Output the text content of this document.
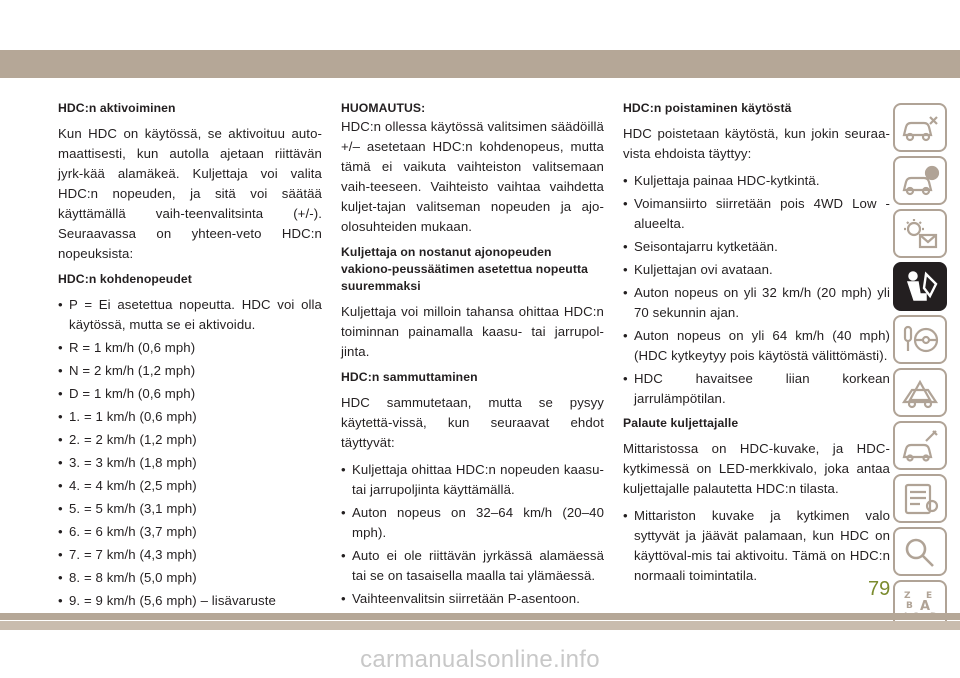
HDC:n aktivoiminen
Kun HDC on käytössä, se aktivoituu auto-maattisesti, kun autolla ajetaan riittävän jyrk-kää alamäkeä. Kuljettaja voi valita HDC:n nopeuden, ja sitä voi säätää käyttämällä vaih-teenvalitsinta (+/-). Seuraavassa on yhteen-veto HDC:n nopeuksista:
HDC:n kohdenopeudet
• P = Ei asetettua nopeutta. HDC voi olla käytössä, mutta se ei aktivoidu.
• R = 1 km/h (0,6 mph)
• N = 2 km/h (1,2 mph)
• D = 1 km/h (0,6 mph)
• 1. = 1 km/h (0,6 mph)
• 2. = 2 km/h (1,2 mph)
• 3. = 3 km/h (1,8 mph)
• 4. = 4 km/h (2,5 mph)
• 5. = 5 km/h (3,1 mph)
• 6. = 6 km/h (3,7 mph)
• 7. = 7 km/h (4,3 mph)
• 8. = 8 km/h (5,0 mph)
• 9. = 9 km/h (5,6 mph) – lisävaruste
HUOMAUTUS:
HDC:n ollessa käytössä valitsimen säädöillä +/– asetetaan HDC:n kohdenopeus, mutta tämä ei vaikuta vaihteiston valitsemaan vaih-teeseen. Vaihteisto vaihtaa vaihdetta kuljet-tajan valitseman nopeuden ja ajo-olosuhteiden mukaan.
Kuljettaja on nostanut ajonopeuden vakiono-peussäätimen asetettua nopeutta suuremmaksi
Kuljettaja voi milloin tahansa ohittaa HDC:n toiminnan painamalla kaasu- tai jarrupol-jinta.
HDC:n sammuttaminen
HDC sammutetaan, mutta se pysyy käytettä-vissä, kun seuraavat ehdot täyttyvät:
• Kuljettaja ohittaa HDC:n nopeuden kaasu- tai jarrupoljinta käyttämällä.
• Auton nopeus on 32–64 km/h (20–40 mph).
• Auto ei ole riittävän jyrkässä alamäessä tai se on tasaisella maalla tai ylämäessä.
• Vaihteenvalitsin siirretään P-asentoon.
HDC:n poistaminen käytöstä
HDC poistetaan käytöstä, kun jokin seuraa-vista ehdoista täyttyy:
• Kuljettaja painaa HDC-kytkintä.
• Voimansiirto siirretään pois 4WD Low -alueelta.
• Seisontajarru kytketään.
• Kuljettajan ovi avataan.
• Auton nopeus on yli 32 km/h (20 mph) yli 70 sekunnin ajan.
• Auton nopeus on yli 64 km/h (40 mph) (HDC kytkeytyy pois käytöstä välittömästi).
• HDC havaitsee liian korkean jarrulämpötilan.
Palaute kuljettajalle
Mittaristossa on HDC-kuvake, ja HDC-kytkimessä on LED-merkkivalo, joka antaa kuljettajalle palautetta HDC:n tilasta.
• Mittariston kuvake ja kytkimen valo syttyvät ja jäävät palamaan, kun HDC on käyttöval-mis tai aktivoitu. Tämä on HDC:n normaali toimintatila.
Z E
B A
79
carmanualsonline.info
